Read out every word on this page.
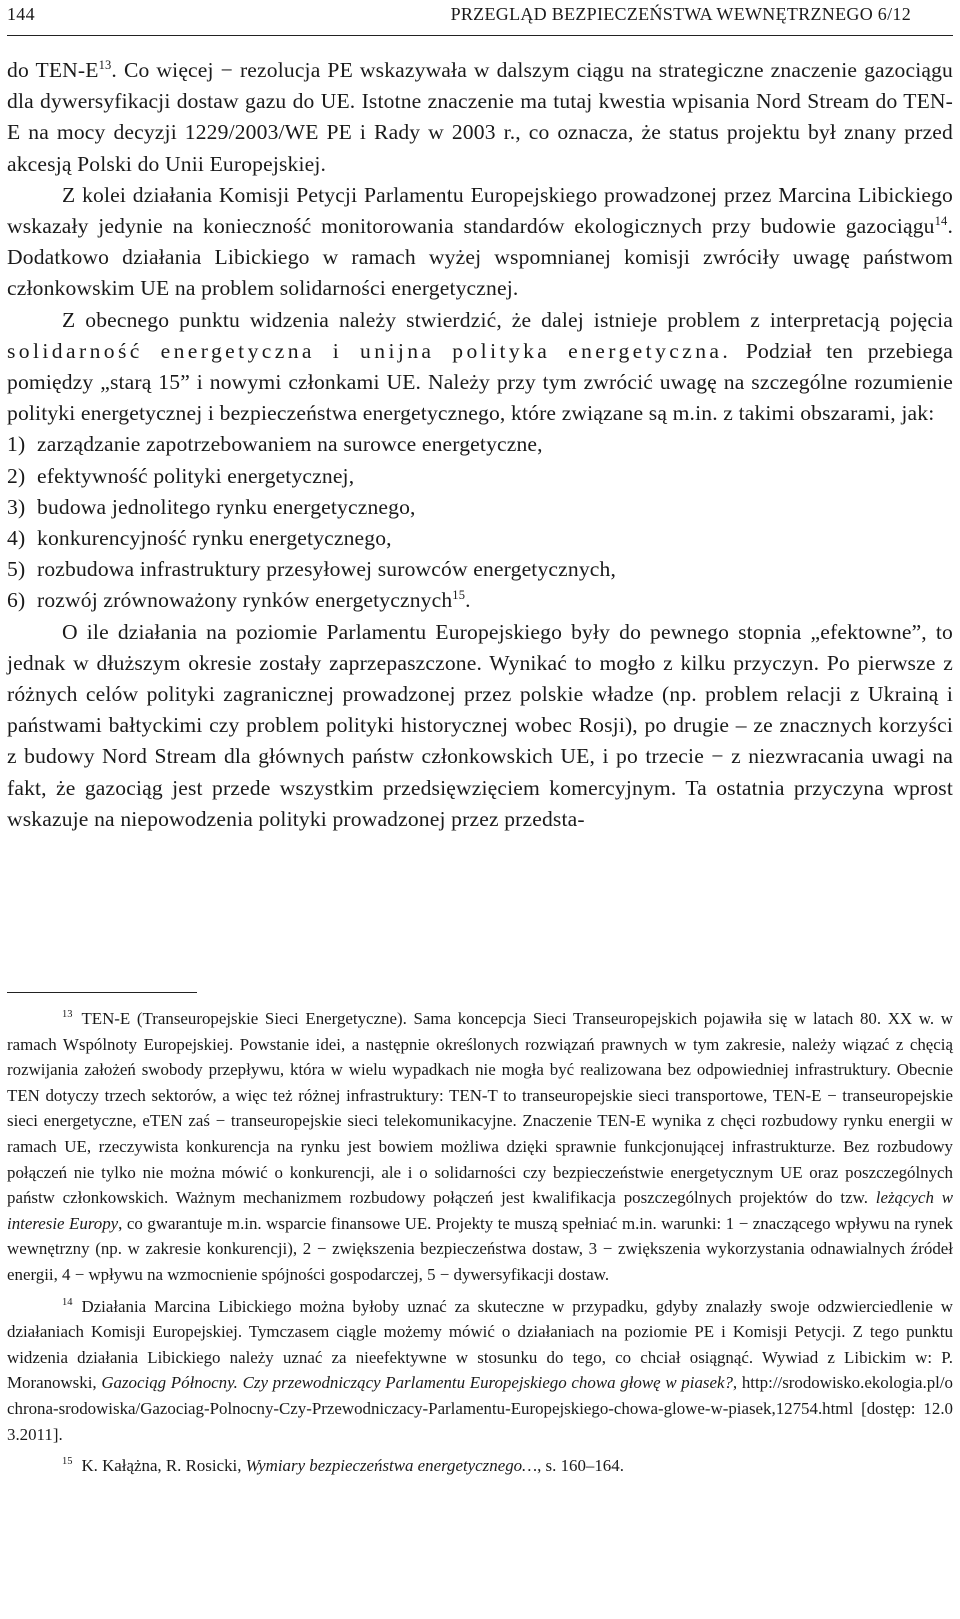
144	PRZEGLĄD BEZPIECZEŃSTWA WEWNĘTRZNEGO 6/12

do TEN-$E^{13}$. Co więcej − rezolucja PE wskazywała w dalszym ciągu na strategiczne znaczenie gazociągu dla dywersyfikacji dostaw gazu do UE. Istotne znaczenie ma tutaj kwestia wpisania Nord Stream do TEN-E na mocy decyzji 1229/2003/WE PE i Rady w 2003 r., co oznacza, że status projektu był znany przed akcesją Polski do Unii Europejskiej.

Z kolei działania Komisji Petycji Parlamentu Europejskiego prowadzonej przez Marcina Libickiego wskazały jedynie na konieczność monitorowania standardów ekologicznych przy budowie gazociągu$^{14}$. Dodatkowo działania Libickiego w ramach wyżej wspomnianej komisji zwróciły uwagę państwom członkowskim UE na problem solidarności energetycznej.

Z obecnego punktu widzenia należy stwierdzić, że dalej istnieje problem z interpretacją pojęcia solidarność energetyczna i unijna polityka energetyczna. Podział ten przebiega pomiędzy „starą 15” i nowymi członkami UE. Należy przy tym zwrócić uwagę na szczególne rozumienie polityki energetycznej i bezpieczeństwa energetycznego, które związane są m.in. z takimi obszarami, jak:

1) zarządzanie zapotrzebowaniem na surowce energetyczne,
2) efektywność polityki energetycznej,
3) budowa jednolitego rynku energetycznego,
4) konkurencyjność rynku energetycznego,
5) rozbudowa infrastruktury przesyłowej surowców energetycznych,
6) rozwój zrównoważony rynków energetycznych$^{15}$.

O ile działania na poziomie Parlamentu Europejskiego były do pewnego stopnia „efektowne”, to jednak w dłuższym okresie zostały zaprzepaszczone. Wynikać to mogło z kilku przyczyn. Po pierwsze z różnych celów polityki zagranicznej prowadzonej przez polskie władze (np. problem relacji z Ukrainą i państwami bałtyckimi czy problem polityki historycznej wobec Rosji), po drugie – ze znacznych korzyści z budowy Nord Stream dla głównych państw członkowskich UE, i po trzecie − z niezwracania uwagi na fakt, że gazociąg jest przede wszystkim przedsięwzięciem komercyjnym. Ta ostatnia przyczyna wprost wskazuje na niepowodzenia polityki prowadzonej przez przedsta-

$^{13}$ TEN-E (Transeuropejskie Sieci Energetyczne). Sama koncepcja Sieci Transeuropejskich pojawiła się w latach 80. XX w. w ramach Wspólnoty Europejskiej. Powstanie idei, a następnie określonych rozwiązań prawnych w tym zakresie, należy wiązać z chęcią rozwijania założeń swobody przepływu, która w wielu wypadkach nie mogła być realizowana bez odpowiedniej infrastruktury. Obecnie TEN dotyczy trzech sektorów, a więc też różnej infrastruktury: TEN-T to transeuropejskie sieci transportowe, TEN-E − transeuropejskie sieci energetyczne, eTEN zaś − transeuropejskie sieci telekomunikacyjne. Znaczenie TEN-E wynika z chęci rozbudowy rynku energii w ramach UE, rzeczywista konkurencja na rynku jest bowiem możliwa dzięki sprawnie funkcjonującej infrastrukturze. Bez rozbudowy połączeń nie tylko nie można mówić o konkurencji, ale i o solidarności czy bezpieczeństwie energetycznym UE oraz poszczególnych państw członkowskich. Ważnym mechanizmem rozbudowy połączeń jest kwalifikacja poszczególnych projektów do tzw. leżących w interesie Europy, co gwarantuje m.in. wsparcie finansowe UE. Projekty te muszą spełniać m.in. warunki: 1 − znaczącego wpływu na rynek wewnętrzny (np. w zakresie konkurencji), 2 − zwiększenia bezpieczeństwa dostaw, 3 − zwiększenia wykorzystania odnawialnych źródeł energii, 4 − wpływu na wzmocnienie spójności gospodarczej, 5 − dywersyfikacji dostaw.

$^{14}$ Działania Marcina Libickiego można byłoby uznać za skuteczne w przypadku, gdyby znalazły swoje odzwierciedlenie w działaniach Komisji Europejskiej. Tymczasem ciągle możemy mówić o działaniach na poziomie PE i Komisji Petycji. Z tego punktu widzenia działania Libickiego należy uznać za nieefektywne w stosunku do tego, co chciał osiągnąć. Wywiad z Libickim w: P. Moranowski, Gazociąg Północny. Czy przewodniczący Parlamentu Europejskiego chowa głowę w piasek?, http://srodowisko.ekologia.pl/ochrona-srodowiska/Gazociag-Polnocny-Czy-Przewodniczacy-Parlamentu-Europejskiego-chowa-glowe-w-piasek,12754.html [dostęp: 12.03.2011].

$^{15}$ K. Kałążna, R. Rosicki, Wymiary bezpieczeństwa energetycznego…, s. 160–164.
